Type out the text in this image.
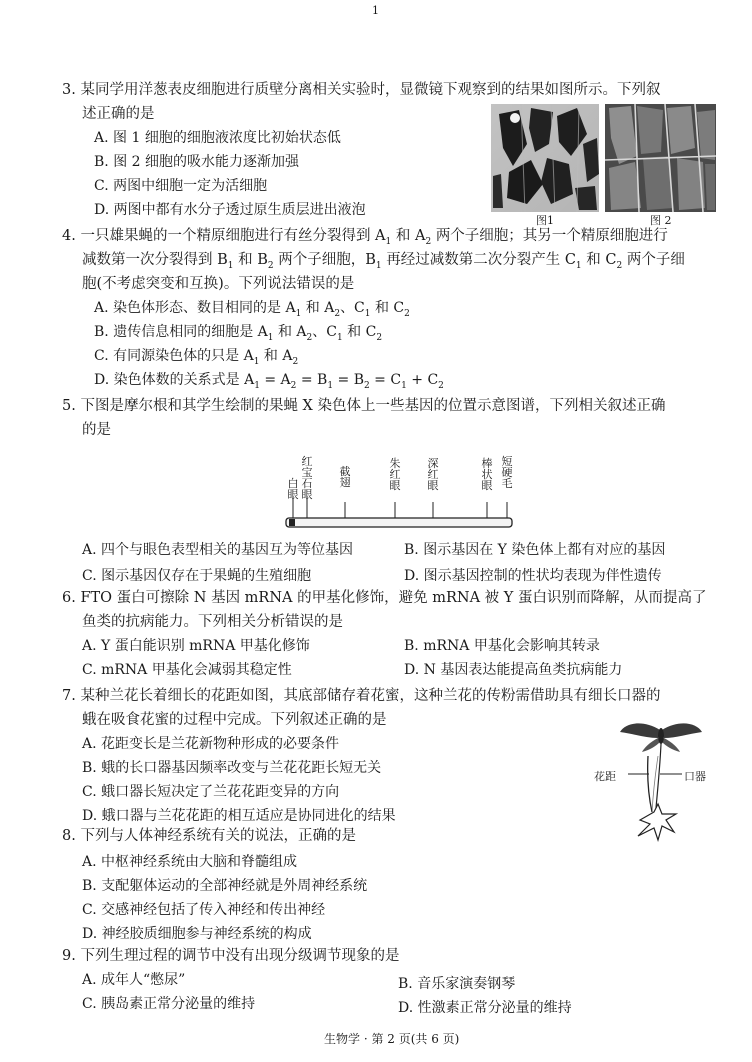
1
3. 某同学用洋葱表皮细胞进行质壁分离相关实验时，显微镜下观察到的结果如图所示。下列叙
述正确的是
A. 图 1 细胞的细胞液浓度比初始状态低
B. 图 2 细胞的吸水能力逐渐加强
C. 两图中细胞一定为活细胞
D. 两图中都有水分子透过原生质层进出液泡
图1	图 2
4. 一只雄果蝇的一个精原细胞进行有丝分裂得到 $A_1$ 和 $A_2$ 两个子细胞；其另一个精原细胞进行
减数第一次分裂得到 $B_1$ 和 $B_2$ 两个子细胞，$B_1$ 再经过减数第二次分裂产生 $C_1$ 和 $C_2$ 两个子细
胞(不考虑突变和互换)。下列说法错误的是
A. 染色体形态、数目相同的是 $A_1$ 和 $A_2$、$C_1$ 和 $C_2$
B. 遗传信息相同的细胞是 $A_1$ 和 $A_2$、$C_1$ 和 $C_2$
C. 有同源染色体的只是 $A_1$ 和 $A_2$
D. 染色体数的关系式是 $A_1 = A_2 = B_1 = B_2 = C_1 + C_2$
5. 下图是摩尔根和其学生绘制的果蝇 X 染色体上一些基因的位置示意图谱，下列相关叙述正确
的是
白眼
红宝石眼
截翅
朱红眼
深红眼
棒状眼
短硬毛
A. 四个与眼色表型相关的基因互为等位基因	B. 图示基因在 Y 染色体上都有对应的基因
C. 图示基因仅存在于果蝇的生殖细胞	D. 图示基因控制的性状均表现为伴性遗传
6. FTO 蛋白可擦除 N 基因 mRNA 的甲基化修饰，避免 mRNA 被 Y 蛋白识别而降解，从而提高了
鱼类的抗病能力。下列相关分析错误的是
A. Y 蛋白能识别 mRNA 甲基化修饰	B. mRNA 甲基化会影响其转录
C. mRNA 甲基化会减弱其稳定性	D. N 基因表达能提高鱼类抗病能力
7. 某种兰花长着细长的花距如图，其底部储存着花蜜，这种兰花的传粉需借助具有细长口器的
蛾在吸食花蜜的过程中完成。下列叙述正确的是
A. 花距变长是兰花新物种形成的必要条件
B. 蛾的长口器基因频率改变与兰花花距长短无关
C. 蛾口器长短决定了兰花花距变异的方向
D. 蛾口器与兰花花距的相互适应是协同进化的结果
花距	口器
8. 下列与人体神经系统有关的说法，正确的是
A. 中枢神经系统由大脑和脊髓组成
B. 支配躯体运动的全部神经就是外周神经系统
C. 交感神经包括了传入神经和传出神经
D. 神经胶质细胞参与神经系统的构成
9. 下列生理过程的调节中没有出现分级调节现象的是
A. 成年人“憋尿”	B. 音乐家演奏钢琴
C. 胰岛素正常分泌量的维持	D. 性激素正常分泌量的维持
生物学 · 第 2 页(共 6 页)
